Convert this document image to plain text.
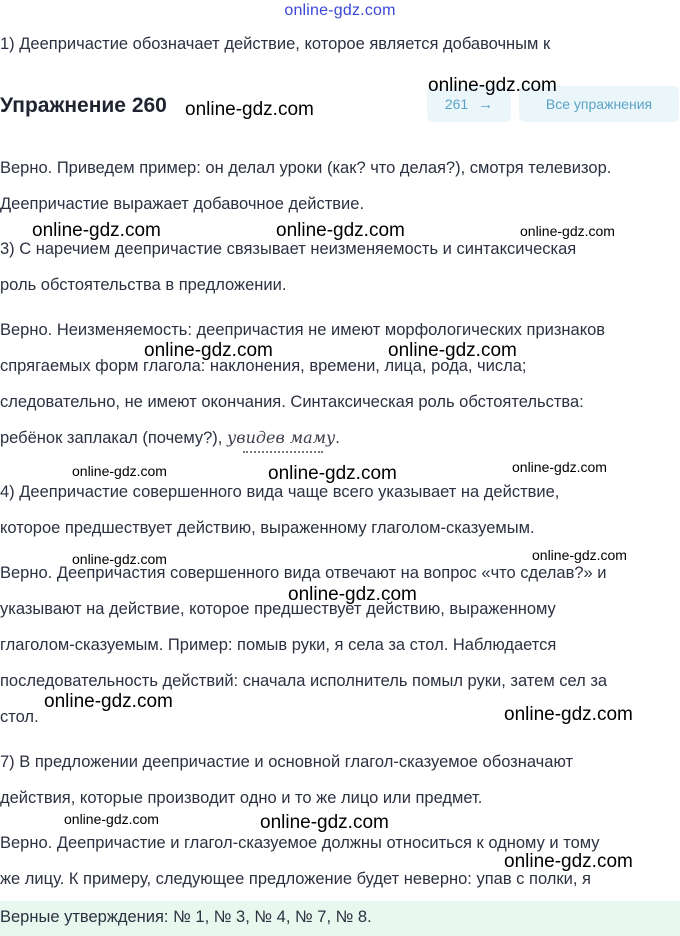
online-gdz.com
1) Деепричастие обозначает действие, которое является добавочным к
Упражнение 260	261 →	Все упражнения
Верно. Приведем пример: он делал уроки (как? что делая?), смотря телевизор.
Деепричастие выражает добавочное действие.
3) С наречием деепричастие связывает неизменяемость и синтаксическая
роль обстоятельства в предложении.
Верно. Неизменяемость: деепричастия не имеют морфологических признаков
спрягаемых форм глагола: наклонения, времени, лица, рода, числа;
следовательно, не имеют окончания. Синтаксическая роль обстоятельства:
ребёнок заплакал (почему?), увидев маму.
4) Деепричастие совершенного вида чаще всего указывает на действие,
которое предшествует действию, выраженному глаголом-сказуемым.
Верно. Деепричастия совершенного вида отвечают на вопрос «что сделав?» и
указывают на действие, которое предшествует действию, выраженному
глаголом-сказуемым. Пример: помыв руки, я села за стол. Наблюдается
последовательность действий: сначала исполнитель помыл руки, затем сел за
стол.
7) В предложении деепричастие и основной глагол-сказуемое обозначают
действия, которые производит одно и то же лицо или предмет.
Верно. Деепричастие и глагол-сказуемое должны относиться к одному и тому
же лицу. К примеру, следующее предложение будет неверно: упав с полки, я
Верные утверждения: № 1, № 3, № 4, № 7, № 8.
online-gdz.com
online-gdz.com
online-gdz.com	online-gdz.com	online-gdz.com
online-gdz.com	online-gdz.com
online-gdz.com	online-gdz.com	online-gdz.com
online-gdz.com	online-gdz.com
online-gdz.com
online-gdz.com
online-gdz.com
online-gdz.com	online-gdz.com
online-gdz.com
